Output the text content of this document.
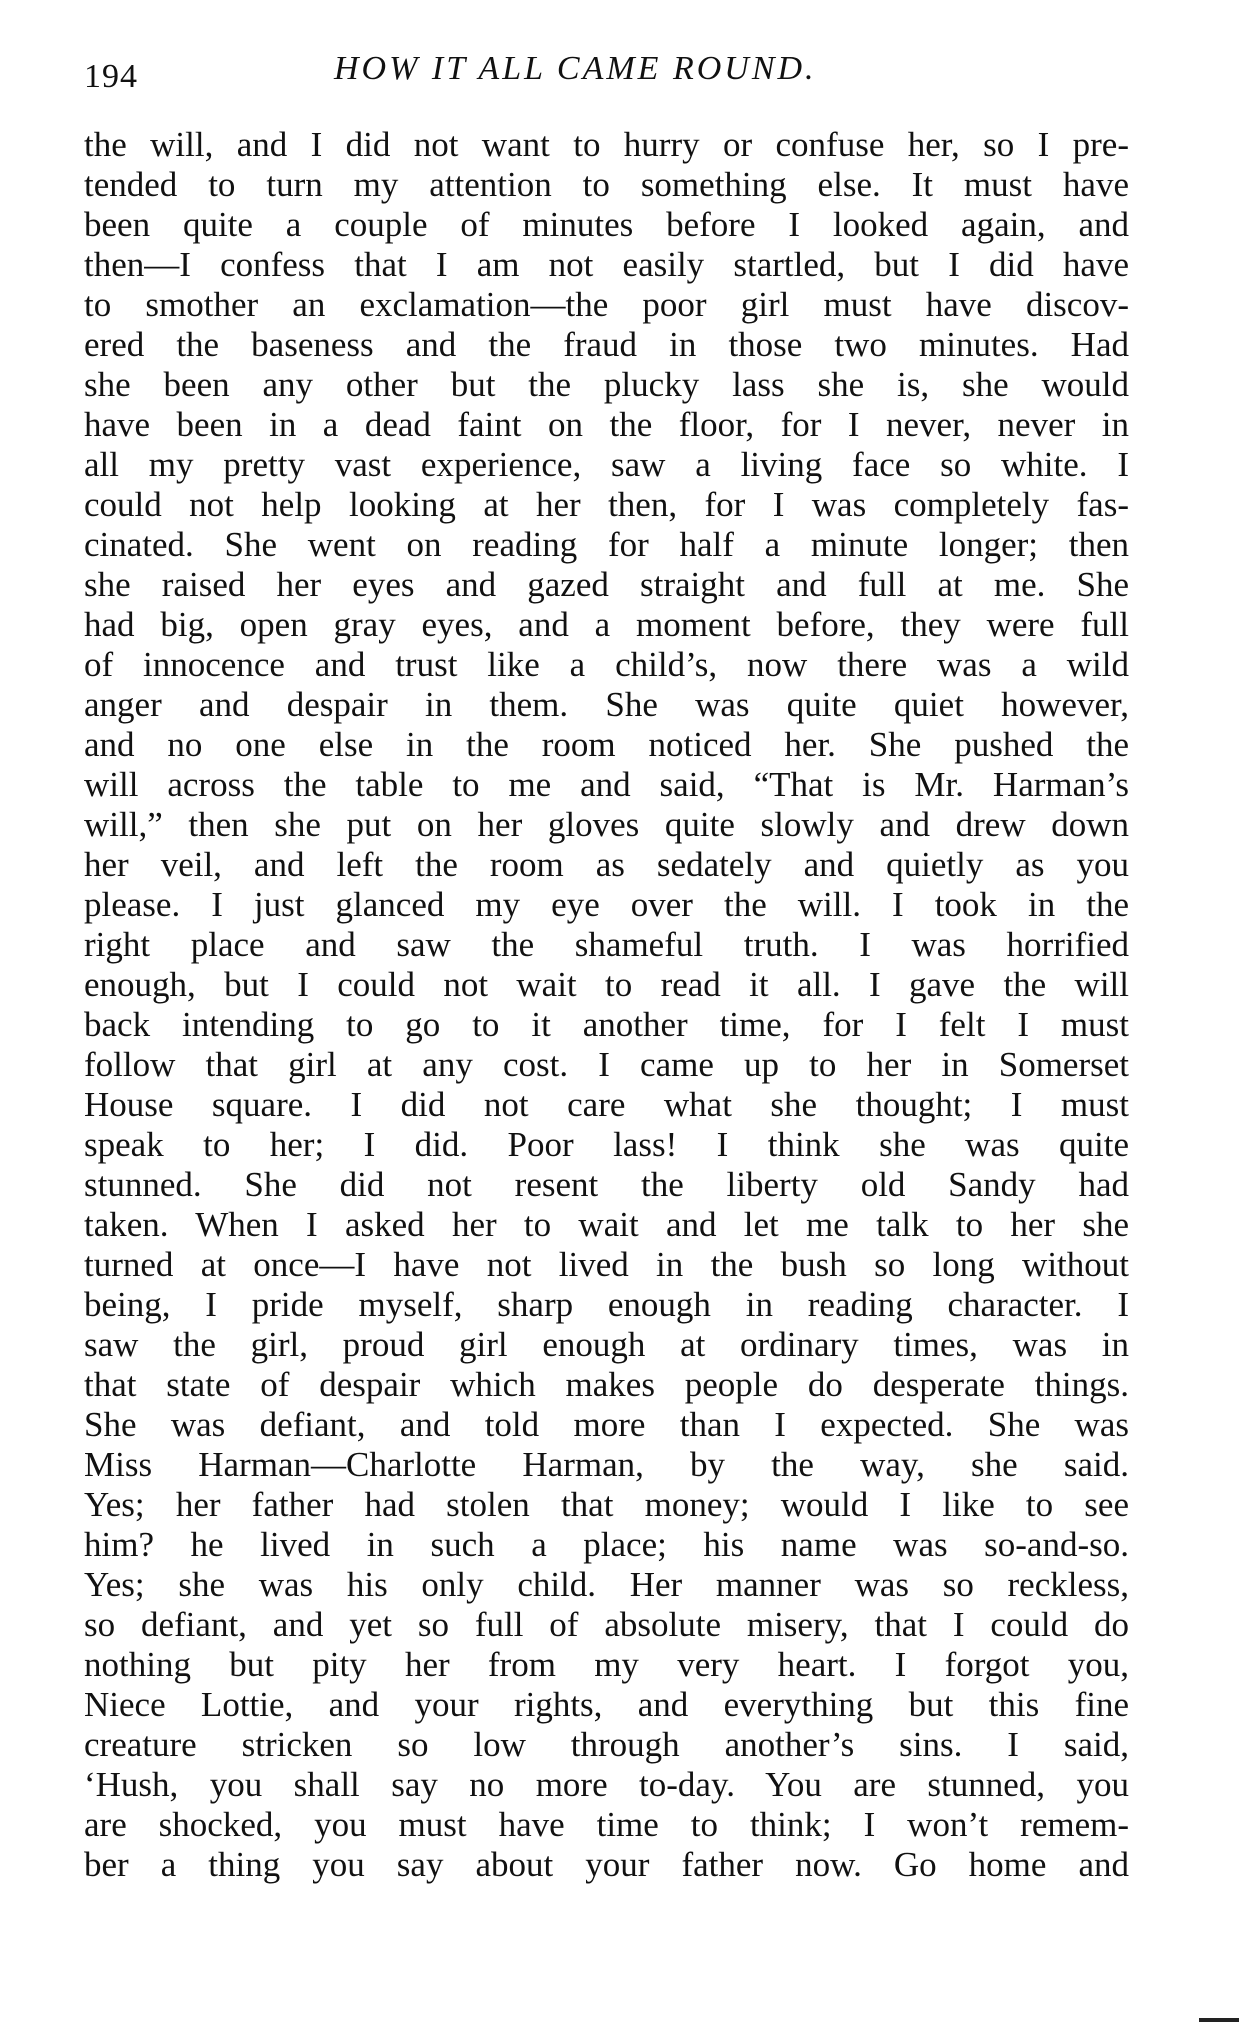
194	HOW IT ALL CAME ROUND.
the will, and I did not want to hurry or confuse her, so I pre-
tended to turn my attention to something else. It must have
been quite a couple of minutes before I looked again, and
then—I confess that I am not easily startled, but I did have
to smother an exclamation—the poor girl must have discov-
ered the baseness and the fraud in those two minutes. Had
she been any other but the plucky lass she is, she would
have been in a dead faint on the floor, for I never, never in
all my pretty vast experience, saw a living face so white. I
could not help looking at her then, for I was completely fas-
cinated. She went on reading for half a minute longer; then
she raised her eyes and gazed straight and full at me. She
had big, open gray eyes, and a moment before, they were full
of innocence and trust like a child’s, now there was a wild
anger and despair in them. She was quite quiet however,
and no one else in the room noticed her. She pushed the
will across the table to me and said, “That is Mr. Harman’s
will,” then she put on her gloves quite slowly and drew down
her veil, and left the room as sedately and quietly as you
please. I just glanced my eye over the will. I took in the
right place and saw the shameful truth. I was horrified
enough, but I could not wait to read it all. I gave the will
back intending to go to it another time, for I felt I must
follow that girl at any cost. I came up to her in Somerset
House square. I did not care what she thought; I must
speak to her; I did. Poor lass! I think she was quite
stunned. She did not resent the liberty old Sandy had
taken. When I asked her to wait and let me talk to her she
turned at once—I have not lived in the bush so long without
being, I pride myself, sharp enough in reading character. I
saw the girl, proud girl enough at ordinary times, was in
that state of despair which makes people do desperate things.
She was defiant, and told more than I expected. She was
Miss Harman—Charlotte Harman, by the way, she said.
Yes; her father had stolen that money; would I like to see
him? he lived in such a place; his name was so-and-so.
Yes; she was his only child. Her manner was so reckless,
so defiant, and yet so full of absolute misery, that I could do
nothing but pity her from my very heart. I forgot you,
Niece Lottie, and your rights, and everything but this fine
creature stricken so low through another’s sins. I said,
‘Hush, you shall say no more to-day. You are stunned, you
are shocked, you must have time to think; I won’t remem-
ber a thing you say about your father now. Go home and
